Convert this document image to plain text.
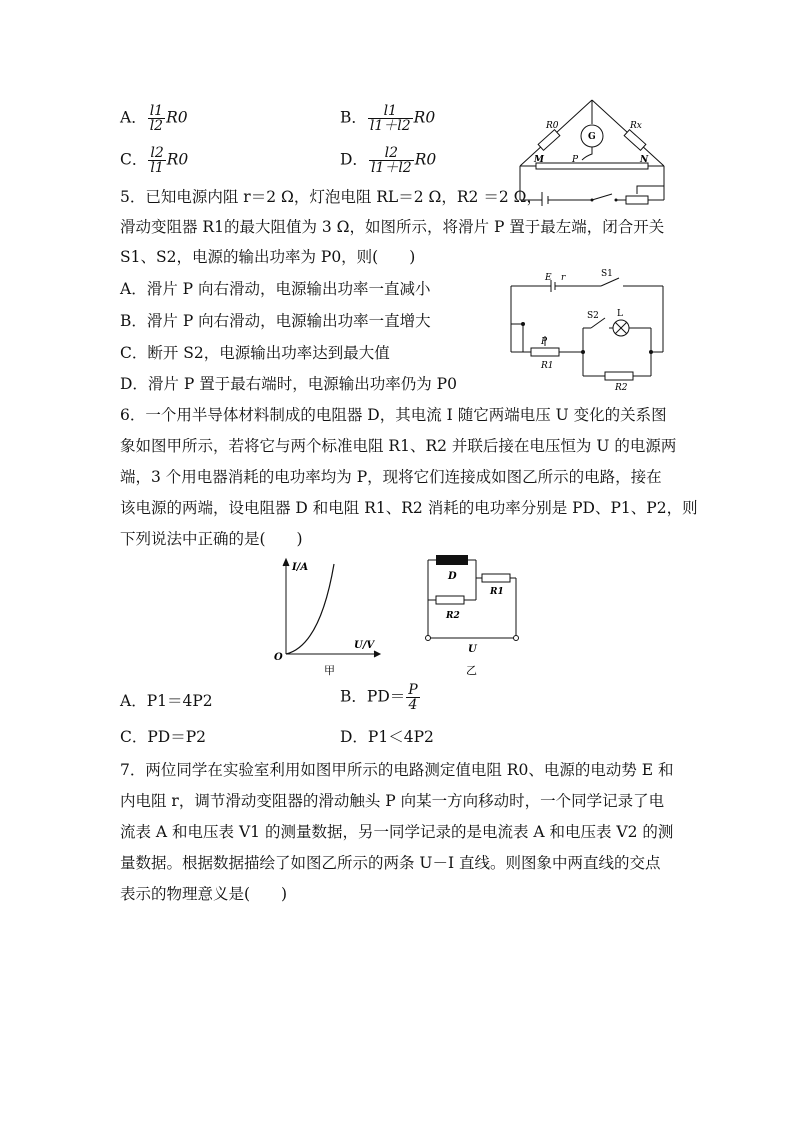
A． $\frac{l1}{l2} R0$	B． $\frac{l1}{l1+l2} R0$
C． $\frac{l2}{l1} R0$	D． $\frac{l2}{l1+l2} R0$
R0	Rx
G
M	P	N
5．已知电源内阻 r＝2 Ω，灯泡电阻 RL＝2 Ω，R2 ＝2 Ω，
滑动变阻器 R1的最大阻值为 3 Ω，如图所示，将滑片 P 置于最左端，闭合开关
S1、S2，电源的输出功率为 P0，则(　　)
A．滑片 P 向右滑动，电源输出功率一直减小
B．滑片 P 向右滑动，电源输出功率一直增大
C．断开 S2，电源输出功率达到最大值
D．滑片 P 置于最右端时，电源输出功率仍为 P0
E r	S1
S2 L
P
R1
R2
6．一个用半导体材料制成的电阻器 D，其电流 I 随它两端电压 U 变化的关系图
象如图甲所示，若将它与两个标准电阻 R1、R2 并联后接在电压恒为 U 的电源两
端，3 个用电器消耗的电功率均为 P，现将它们连接成如图乙所示的电路，接在
该电源的两端，设电阻器 D 和电阻 R1、R2 消耗的电功率分别是 PD、P1、P2，则
下列说法中正确的是(　　)
I/A
U/V
O
甲
D
R1
R2
U
乙
A．P1＝4P2	B．$PD= \frac{P}{4}$
C．PD＝P2	D．P1＜4P2
7．两位同学在实验室利用如图甲所示的电路测定值电阻 R0、电源的电动势 E 和
内电阻 r，调节滑动变阻器的滑动触头 P 向某一方向移动时，一个同学记录了电
流表 A 和电压表 V1 的测量数据，另一同学记录的是电流表 A 和电压表 V2 的测
量数据。根据数据描绘了如图乙所示的两条 U－I 直线。则图象中两直线的交点
表示的物理意义是(　　)
